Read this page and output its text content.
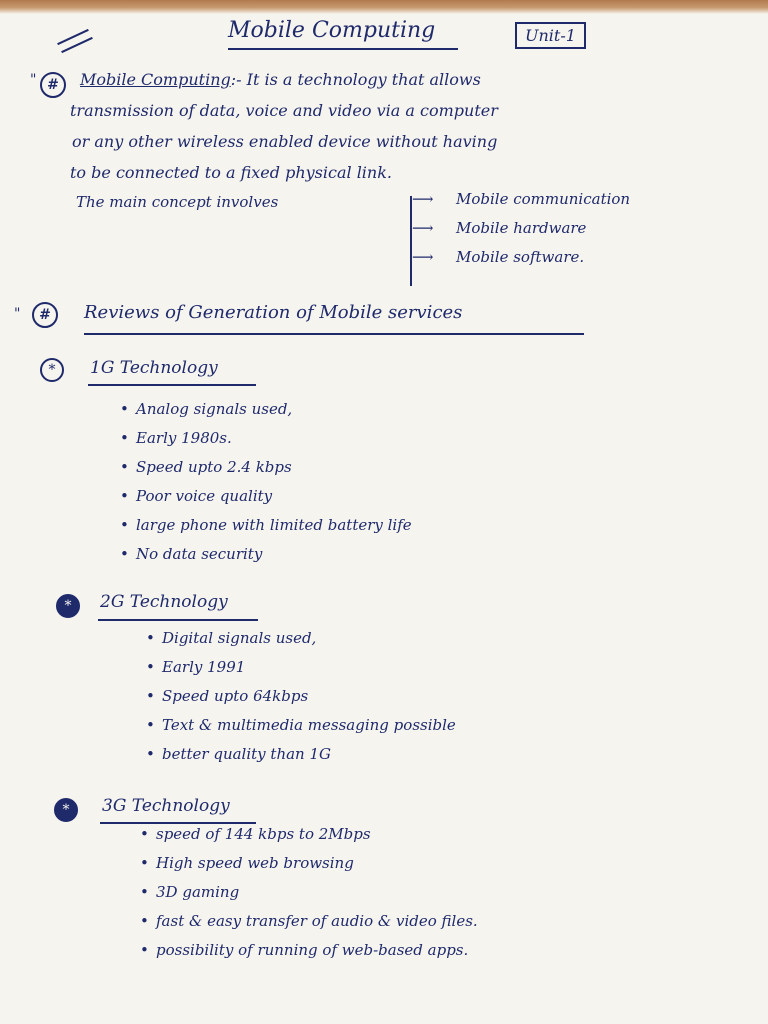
Mobile Computing	Unit-1
" #	Mobile Computing:- It is a technology that allows
transmission of data, voice and video via a computer
or any other wireless enabled device without having
to be connected to a fixed physical link.
The main concept involves	⟶ Mobile communication
⟶ Mobile hardware
⟶ Mobile software.
"	#	Reviews of Generation of Mobile services
*	1G Technology
• Analog signals used,
• Early 1980s.
• Speed upto 2.4 kbps
• Poor voice quality
• large phone with limited battery life
• No data security
*	2G Technology
• Digital signals used,
• Early 1991
• Speed upto 64kbps
• Text & multimedia messaging possible
• better quality than 1G
*	3G Technology
• speed of 144 kbps to 2Mbps
• High speed web browsing
• 3D gaming
• fast & easy transfer of audio & video files.
• possibility of running of web-based apps.
